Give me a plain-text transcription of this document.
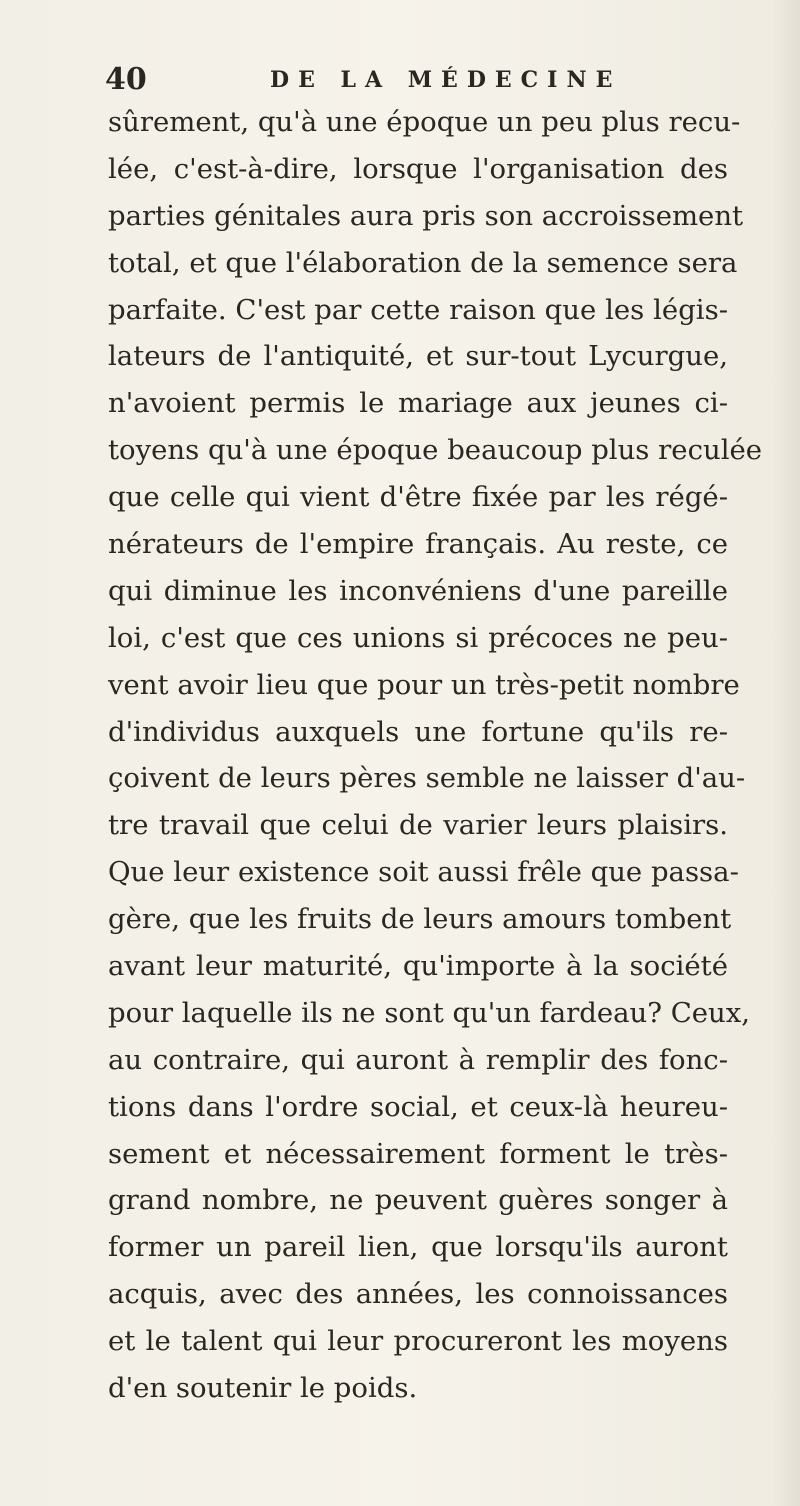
40	DE LA MÉDECINE
sûrement, qu'à une époque un peu plus recu-
lée, c'est-à-dire, lorsque l'organisation des
parties génitales aura pris son accroissement
total, et que l'élaboration de la semence sera
parfaite. C'est par cette raison que les légis-
lateurs de l'antiquité, et sur-tout Lycurgue,
n'avoient permis le mariage aux jeunes ci-
toyens qu'à une époque beaucoup plus reculée
que celle qui vient d'être fixée par les régé-
nérateurs de l'empire français. Au reste, ce
qui diminue les inconvéniens d'une pareille
loi, c'est que ces unions si précoces ne peu-
vent avoir lieu que pour un très-petit nombre
d'individus auxquels une fortune qu'ils re-
çoivent de leurs pères semble ne laisser d'au-
tre travail que celui de varier leurs plaisirs.
Que leur existence soit aussi frêle que passa-
gère, que les fruits de leurs amours tombent
avant leur maturité, qu'importe à la société
pour laquelle ils ne sont qu'un fardeau? Ceux,
au contraire, qui auront à remplir des fonc-
tions dans l'ordre social, et ceux-là heureu-
sement et nécessairement forment le très-
grand nombre, ne peuvent guères songer à
former un pareil lien, que lorsqu'ils auront
acquis, avec des années, les connoissances
et le talent qui leur procureront les moyens
d'en soutenir le poids.
